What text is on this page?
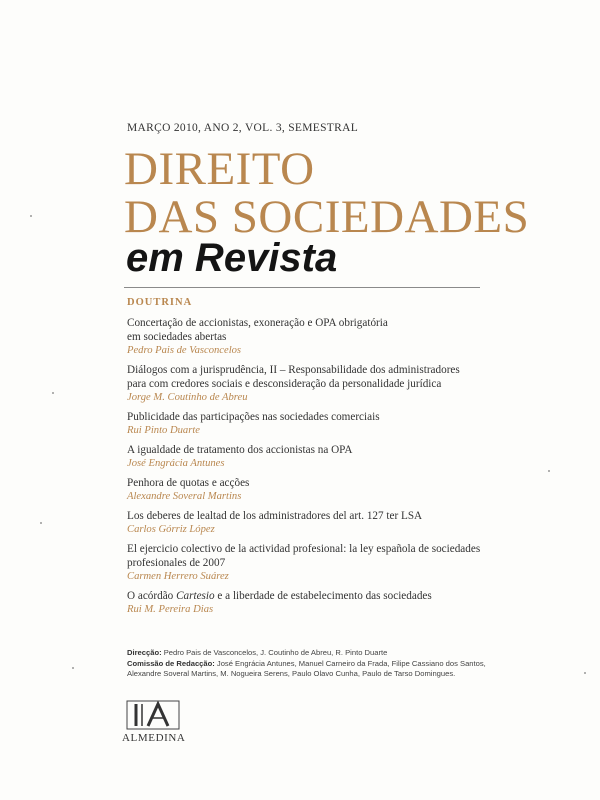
MARÇO 2010, ANO 2, VOL. 3, SEMESTRAL
DIREITO
DAS SOCIEDADES
em Revista
DOUTRINA
Concertação de accionistas, exoneração e OPA obrigatória
em sociedades abertas
Pedro Pais de Vasconcelos
Diálogos com a jurisprudência, II – Responsabilidade dos administradores
para com credores sociais e desconsideração da personalidade jurídica
Jorge M. Coutinho de Abreu
Publicidade das participações nas sociedades comerciais
Rui Pinto Duarte
A igualdade de tratamento dos accionistas na OPA
José Engrácia Antunes
Penhora de quotas e acções
Alexandre Soveral Martins
Los deberes de lealtad de los administradores del art. 127 ter LSA
Carlos Górriz López
El ejercicio colectivo de la actividad profesional: la ley española de sociedades
profesionales de 2007
Carmen Herrero Suárez
O acórdão Cartesio e a liberdade de estabelecimento das sociedades
Rui M. Pereira Dias
Direcção: Pedro Pais de Vasconcelos, J. Coutinho de Abreu, R. Pinto Duarte
Comissão de Redacção: José Engrácia Antunes, Manuel Carneiro da Frada, Filipe Cassiano dos Santos, Alexandre Soveral Martins, M. Nogueira Serens, Paulo Olavo Cunha, Paulo de Tarso Domingues.
ALMEDINA
